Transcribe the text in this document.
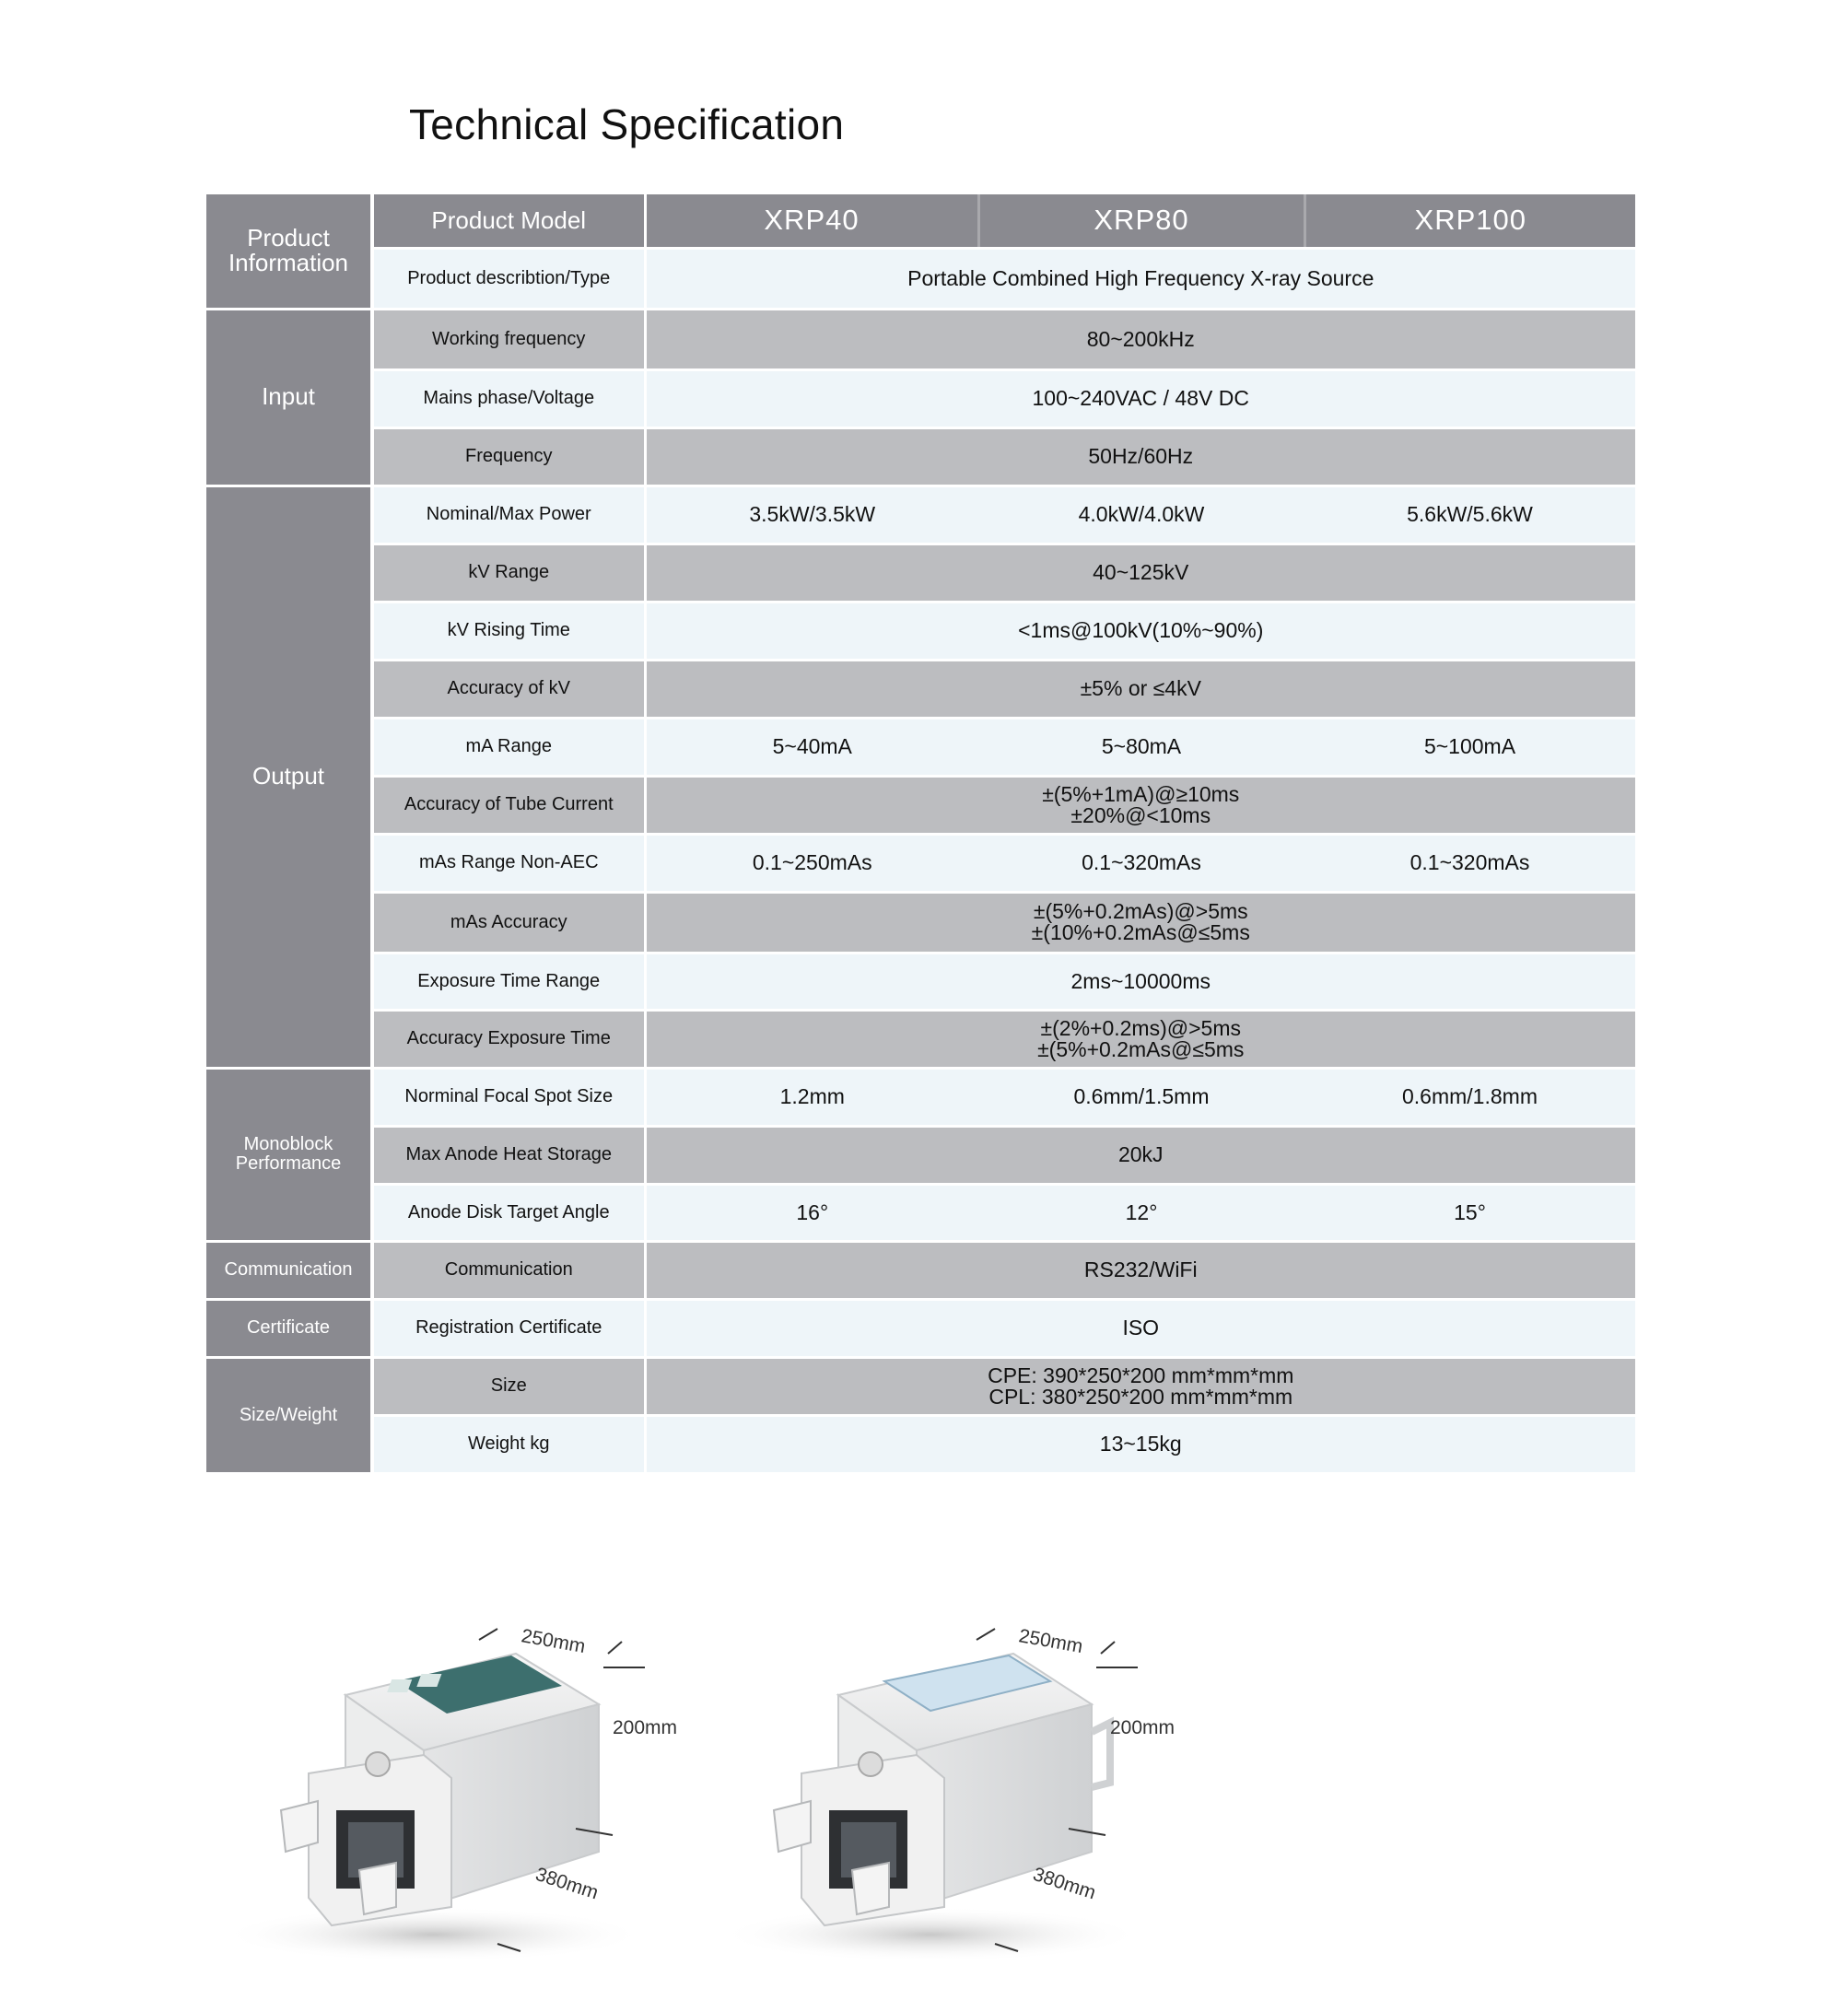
Technical Specification
Product Information	Product Model	XRP40	XRP80	XRP100
	Product describtion/Type	Portable Combined High Frequency X-ray Source		
Input	Working frequency	80~200kHz		
	Mains phase/Voltage	100~240VAC / 48V DC		
	Frequency	50Hz/60Hz		
Output	Nominal/Max Power	3.5kW/3.5kW	4.0kW/4.0kW	5.6kW/5.6kW
	kV Range	40~125kV		
	kV Rising Time	<1ms@100kV(10%~90%)		
	Accuracy of kV	±5% or ≤4kV		
	mA Range	5~40mA	5~80mA	5~100mA
	Accuracy of Tube Current	±(5%+1mA)@≥10ms
±20%@<10ms		

	mAs Range Non-AEC	0.1~250mAs	0.1~320mAs	0.1~320mAs
	mAs Accuracy	±(5%+0.2mAs)@>5ms
±(10%+0.2mAs@≤5ms		

	Exposure Time Range	2ms~10000ms		
	Accuracy Exposure Time	±(2%+0.2ms)@>5ms
±(5%+0.2mAs@≤5ms		

Monoblock Performance	Norminal Focal Spot Size	1.2mm	0.6mm/1.5mm	0.6mm/1.8mm
	Max Anode Heat Storage	20kJ		
	Anode Disk Target Angle	16°	12°	15°
Communication	Communication	RS232/WiFi		
Certificate	Registration Certificate	ISO		
Size/Weight	Size	CPE: 390*250*200 mm*mm*mm
CPL: 380*250*200 mm*mm*mm		

	Weight kg	13~15kg		
250mm
200mm
380mm
250mm
200mm
380mm
